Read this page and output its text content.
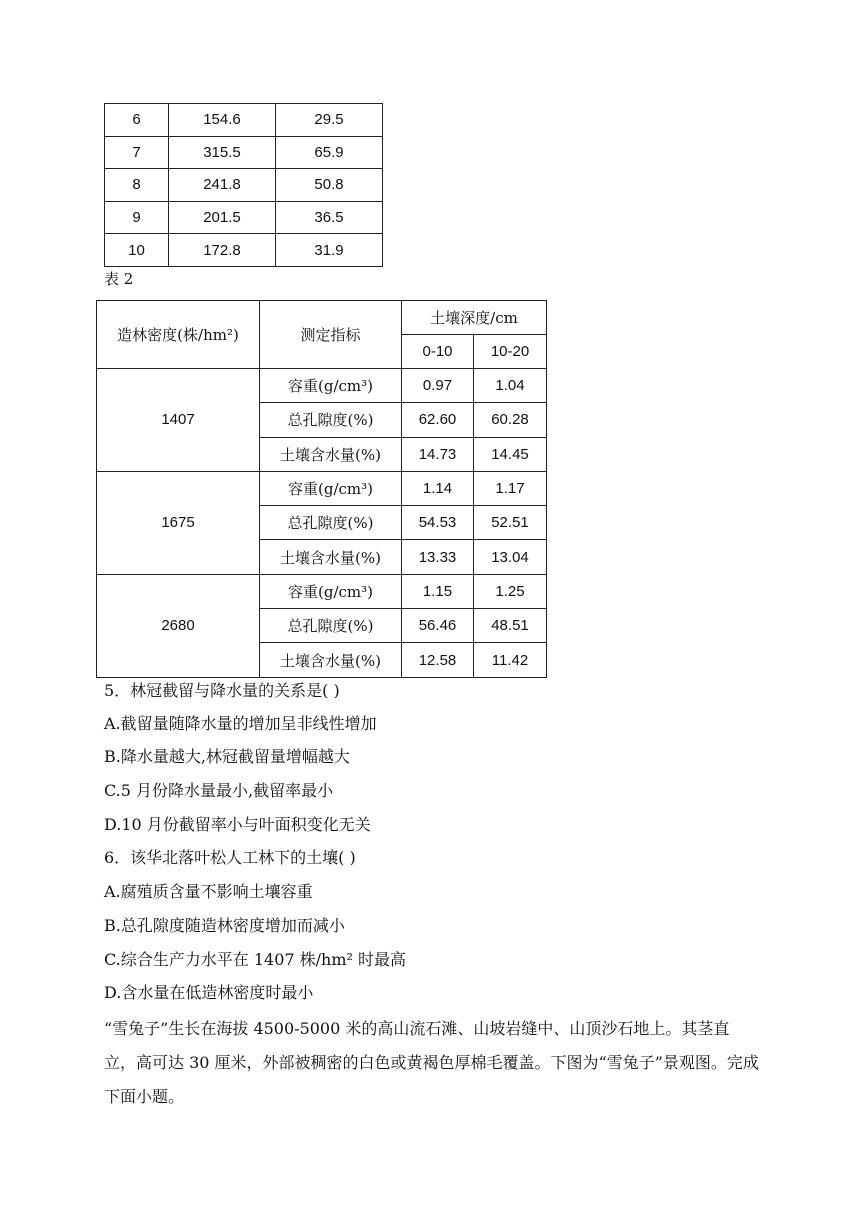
6	154.6	29.5
7	315.5	65.9
8	241.8	50.8
9	201.5	36.5
10	172.8	31.9
表 2
造林密度(株/hm²)	测定指标	土壤深度/cm	
		0-10	10-20
1407	容重(g/cm³)	0.97	1.04
	总孔隙度(%)	62.60	60.28
	土壤含水量(%)	14.73	14.45
1675	容重(g/cm³)	1.14	1.17
	总孔隙度(%)	54.53	52.51
	土壤含水量(%)	13.33	13.04
2680	容重(g/cm³)	1.15	1.25
	总孔隙度(%)	56.46	48.51
	土壤含水量(%)	12.58	11.42
5．林冠截留与降水量的关系是( )
A.截留量随降水量的增加呈非线性增加
B.降水量越大,林冠截留量增幅越大
C.5 月份降水量最小,截留率最小
D.10 月份截留率小与叶面积变化无关
6．该华北落叶松人工林下的土壤( )
A.腐殖质含量不影响土壤容重
B.总孔隙度随造林密度增加而减小
C.综合生产力水平在 1407 株/hm² 时最高
D.含水量在低造林密度时最小
“雪兔子”生长在海拔 4500-5000 米的高山流石滩、山坡岩缝中、山顶沙石地上。其茎直立，高可达 30 厘米，外部被稠密的白色或黄褐色厚棉毛覆盖。下图为“雪兔子”景观图。完成下面小题。
